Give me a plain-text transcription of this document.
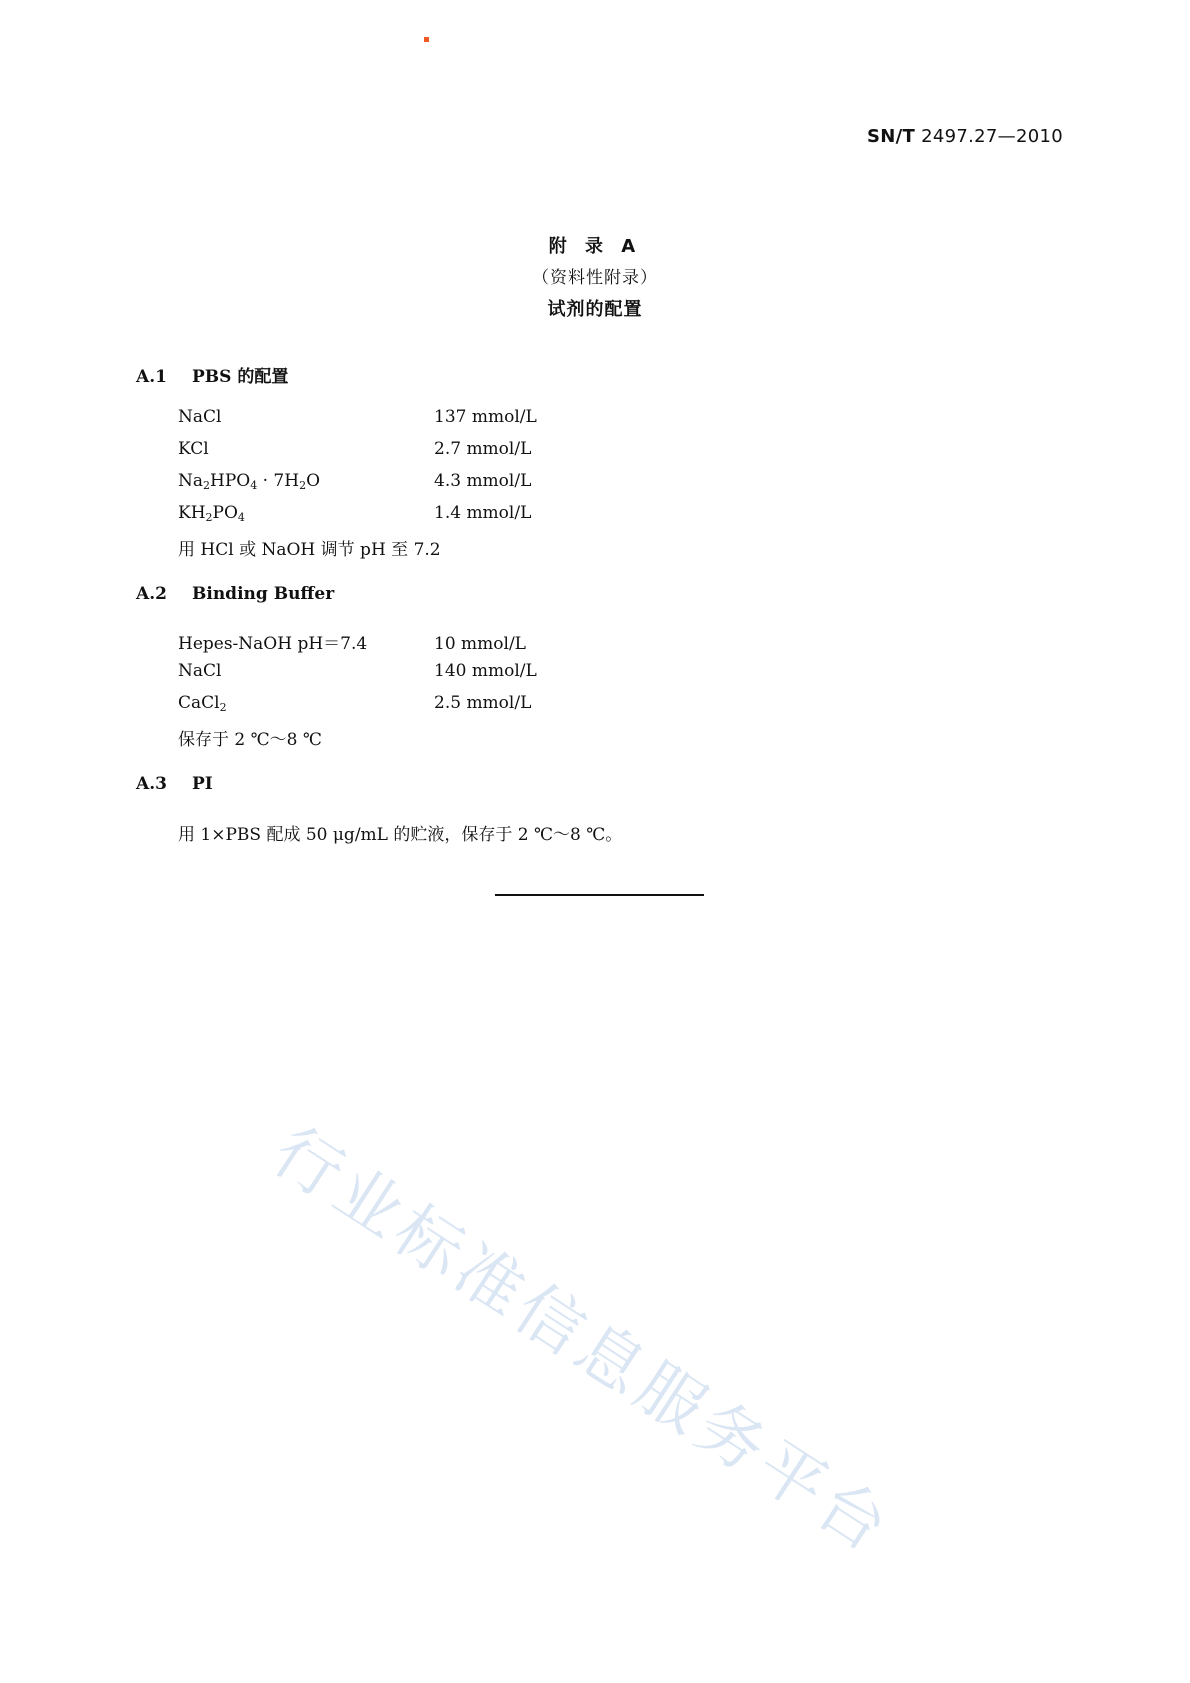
SN/T 2497.27—2010
附 录 A
（资料性附录）
试剂的配置
A.1 PBS 的配置
NaCl	137 mmol/L
KCl	2.7 mmol/L
$Na_2HPO_4 \cdot 7H_2O$	4.3 mmol/L
$KH_2PO_4$	1.4 mmol/L
用 HCl 或 NaOH 调节 pH 至 7.2
A.2 Binding Buffer
Hepes-NaOH pH＝7.4	10 mmol/L
NaCl	140 mmol/L
CaCl$_2$	2.5 mmol/L
保存于 2 ℃～8 ℃
A.3 PI
用 1×PBS 配成 50 μg/mL 的贮液，保存于 2 ℃～8 ℃。
行业标准信息服务平台
